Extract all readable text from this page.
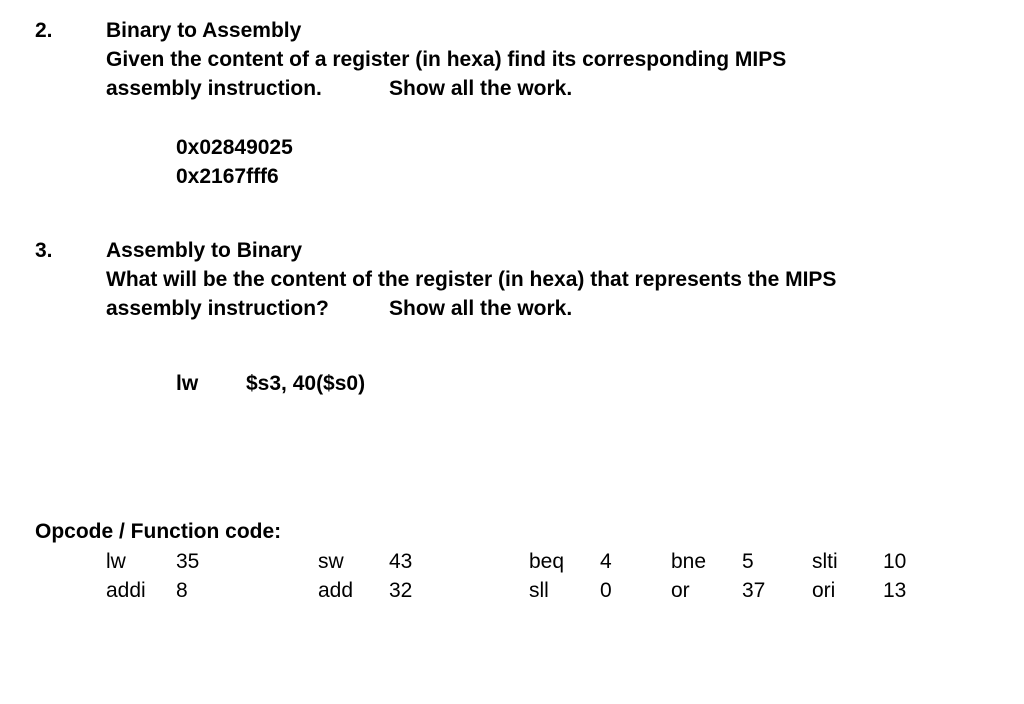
2.	Binary to Assembly
Given the content of a register (in hexa) find its corresponding MIPS
assembly instruction.	Show all the work.
0x02849025
0x2167fff6
3.	Assembly to Binary
What will be the content of the register (in hexa) that represents the MIPS
assembly instruction?	Show all the work.
lw $s3, 40($s0)
Opcode / Function code:
lw 35	sw 43	beq 4	bne 5	slti 10
addi 8	add 32	sll 0	or 37 ori 13
